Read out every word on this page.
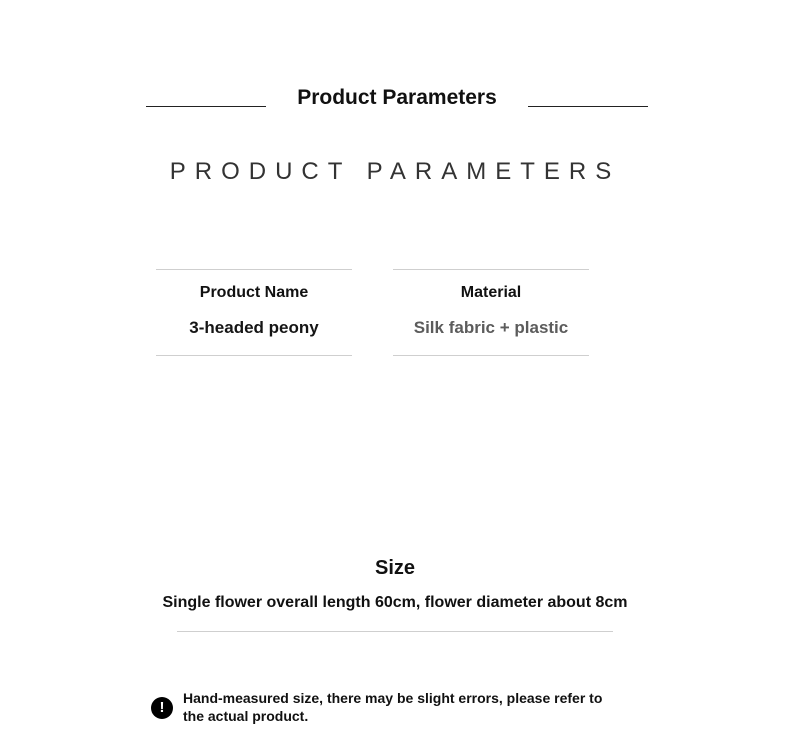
Product Parameters
PRODUCT PARAMETERS
Product Name
3-headed peony
Material
Silk fabric + plastic
Size
Single flower overall length 60cm, flower diameter about 8cm
!
Hand-measured size, there may be slight errors, please refer to
the actual product.
